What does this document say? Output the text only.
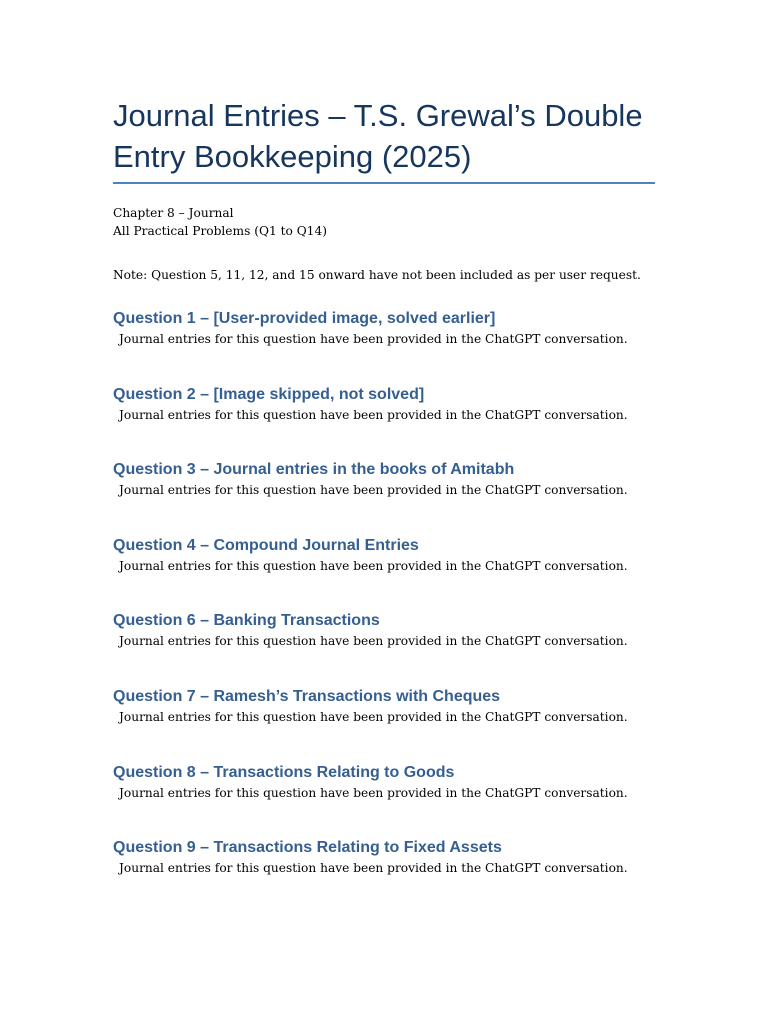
Journal Entries – T.S. Grewal’s Double Entry Bookkeeping (2025)
Chapter 8 – Journal
All Practical Problems (Q1 to Q14)
Note: Question 5, 11, 12, and 15 onward have not been included as per user request.
Question 1 – [User-provided image, solved earlier]

Journal entries for this question have been provided in the ChatGPT conversation.

Question 2 – [Image skipped, not solved]

Journal entries for this question have been provided in the ChatGPT conversation.

Question 3 – Journal entries in the books of Amitabh

Journal entries for this question have been provided in the ChatGPT conversation.

Question 4 – Compound Journal Entries

Journal entries for this question have been provided in the ChatGPT conversation.

Question 6 – Banking Transactions

Journal entries for this question have been provided in the ChatGPT conversation.

Question 7 – Ramesh’s Transactions with Cheques

Journal entries for this question have been provided in the ChatGPT conversation.

Question 8 – Transactions Relating to Goods

Journal entries for this question have been provided in the ChatGPT conversation.

Question 9 – Transactions Relating to Fixed Assets

Journal entries for this question have been provided in the ChatGPT conversation.
